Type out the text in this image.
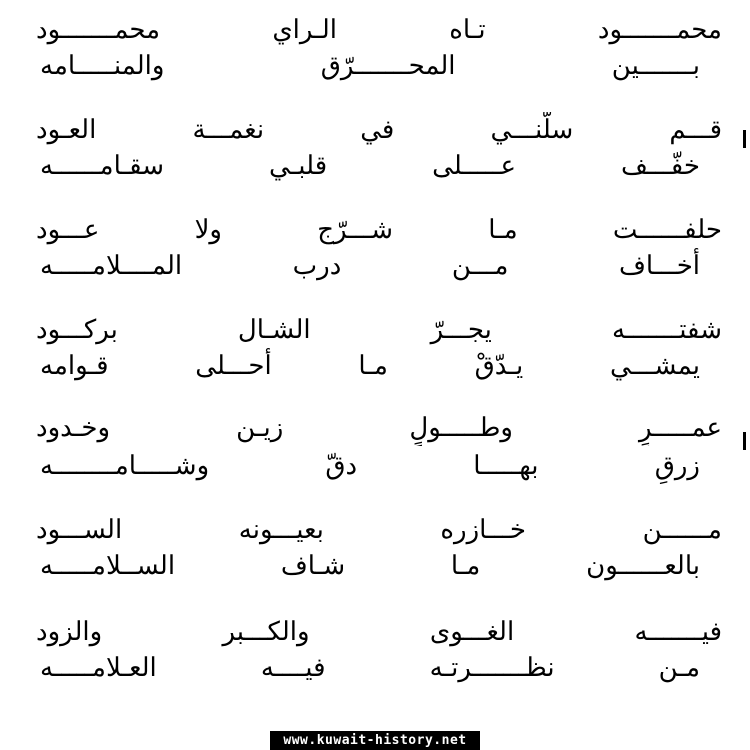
محمـــــــود تـاه الـراي محمـــــــود
بـــــــين المحـــــــرّق والمنـــــامه
قـــم سلّنـــي في نغمـــة العـود
خفّـــف عـــــلى قلبـي سقـامــــــه
حلفــــــت مـا شـــرّج ولا عـــود
أخـــاف مـــن درب المــــلامـــــه
شفتـــــــه يجـــرّ الشـال بركـــود
يمشـــي يـدّقْ مـا أحـــلى قـوامه
عمـــــرٍ وطـــــولٍ زيـن وخـدود
زرقٍ بهـــــا دقّ وشـــــامــــــــه
مــــــن خـــازره بعيـــونه الســـود
بالعــــــون مـا شـاف الســلامـــــه
فيـــــــه الغـــوى والكـــبر والزود
مـن نظـــــــرتـه فيــــه العـلامـــــه
www.kuwait-history.net
